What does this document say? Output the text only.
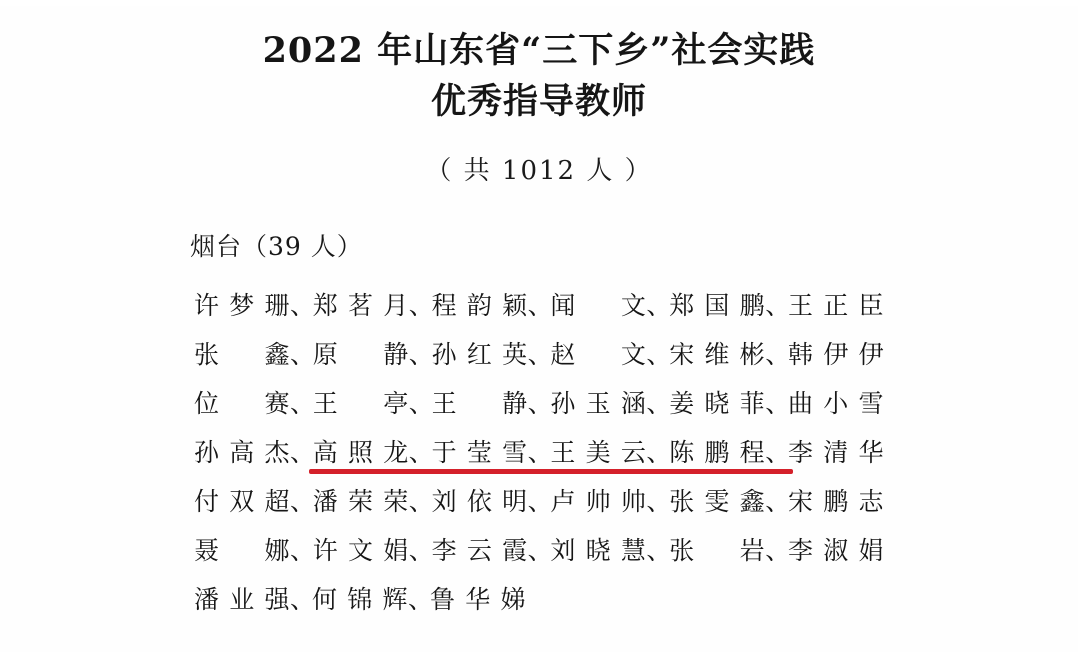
2022 年山东省“三下乡”社会实践
优秀指导教师
（ 共 1012 人 ）
烟台（39 人）
许梦珊、
郑茗月、
程韵颖、
闻　文、
郑国鹏、
王正臣
张　鑫、
原　静、
孙红英、
赵　文、
宋维彬、
韩伊伊
位　赛、
王　亭、
王　静、
孙玉涵、
姜晓菲、
曲小雪
孙高杰、
高照龙、
于莹雪、
王美云、
陈鹏程、
李清华
付双超、
潘荣荣、
刘依明、
卢帅帅、
张雯鑫、
宋鹏志
聂　娜、
许文娟、
李云霞、
刘晓慧、
张　岩、
李淑娟
潘业强、
何锦辉、
鲁华娣
